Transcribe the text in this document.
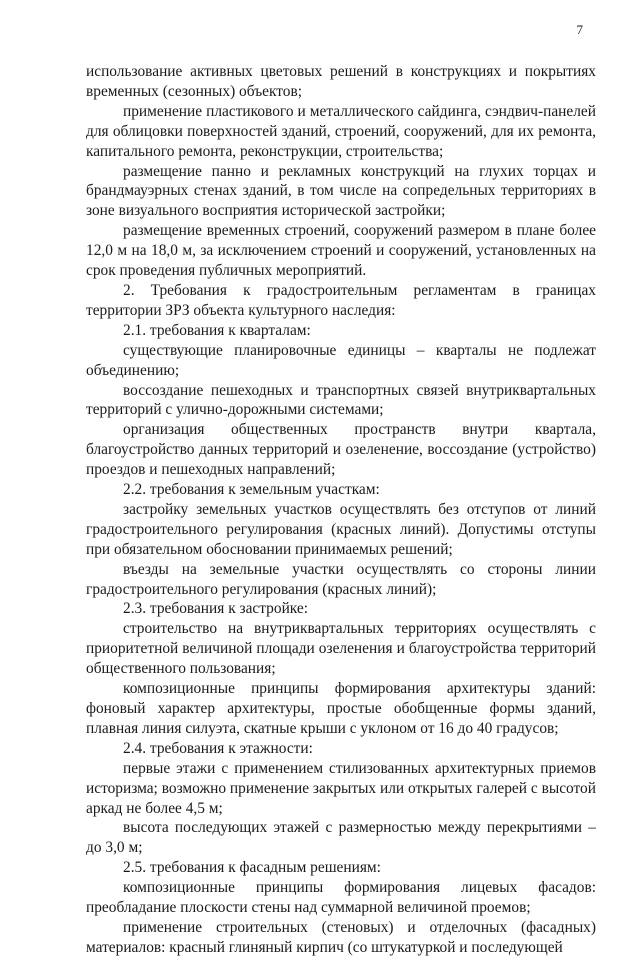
7

использование активных цветовых решений в конструкциях и покрытиях временных (сезонных) объектов;

применение пластикового и металлического сайдинга, сэндвич-панелей для облицовки поверхностей зданий, строений, сооружений, для их ремонта, капитального ремонта, реконструкции, строительства;

размещение панно и рекламных конструкций на глухих торцах и брандмауэрных стенах зданий, в том числе на сопредельных территориях в зоне визуального восприятия исторической застройки;

размещение временных строений, сооружений размером в плане более 12,0 м на 18,0 м, за исключением строений и сооружений, установленных на срок проведения публичных мероприятий.

2. Требования к градостроительным регламентам в границах территории ЗРЗ объекта культурного наследия:

2.1. требования к кварталам:

существующие планировочные единицы – кварталы не подлежат объединению;

воссоздание пешеходных и транспортных связей внутриквартальных территорий с улично-дорожными системами;

организация общественных пространств внутри квартала, благоустройство данных территорий и озеленение, воссоздание (устройство) проездов и пешеходных направлений;

2.2. требования к земельным участкам:

застройку земельных участков осуществлять без отступов от линий градостроительного регулирования (красных линий). Допустимы отступы при обязательном обосновании принимаемых решений;

въезды на земельные участки осуществлять со стороны линии градостроительного регулирования (красных линий);

2.3. требования к застройке:

строительство на внутриквартальных территориях осуществлять с приоритетной величиной площади озеленения и благоустройства территорий общественного пользования;

композиционные принципы формирования архитектуры зданий: фоновый характер архитектуры, простые обобщенные формы зданий, плавная линия силуэта, скатные крыши с уклоном от 16 до 40 градусов;

2.4. требования к этажности:

первые этажи с применением стилизованных архитектурных приемов историзма; возможно применение закрытых или открытых галерей с высотой аркад не более 4,5 м;

высота последующих этажей с размерностью между перекрытиями – до 3,0 м;

2.5. требования к фасадным решениям:

композиционные принципы формирования лицевых фасадов: преобладание плоскости стены над суммарной величиной проемов;

применение строительных (стеновых) и отделочных (фасадных) материалов: красный глиняный кирпич (со штукатуркой и последующей
